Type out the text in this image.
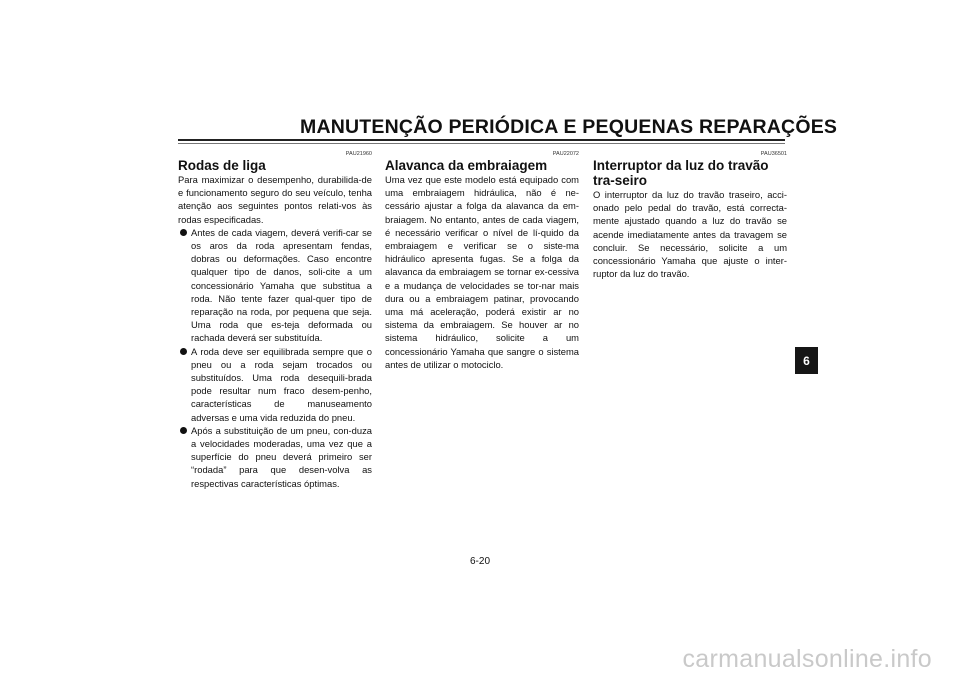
MANUTENÇÃO PERIÓDICA E PEQUENAS REPARAÇÕES
PAU21960
Rodas de liga

Para maximizar o desempenho, durabilida-de e funcionamento seguro do seu veículo, tenha atenção aos seguintes pontos relati-vos às rodas especificadas.

Antes de cada viagem, deverá verifi-car se os aros da roda apresentam fendas, dobras ou deformações. Caso encontre qualquer tipo de danos, soli-cite a um concessionário Yamaha que substitua a roda. Não tente fazer qual-quer tipo de reparação na roda, por pequena que seja. Uma roda que es-teja deformada ou rachada deverá ser substituída.
A roda deve ser equilibrada sempre que o pneu ou a roda sejam trocados ou substituídos. Uma roda desequili-brada pode resultar num fraco desem-penho, características de manuseamento adversas e uma vida reduzida do pneu.
Após a substituição de um pneu, con-duza a velocidades moderadas, uma vez que a superfície do pneu deverá primeiro ser “rodada” para que desen-volva as respectivas características óptimas.
PAU22072
Alavanca da embraiagem

Uma vez que este modelo está equipado com uma embraiagem hidráulica, não é ne-cessário ajustar a folga da alavanca da em-braiagem. No entanto, antes de cada viagem, é necessário verificar o nível de lí-quido da embraiagem e verificar se o siste-ma hidráulico apresenta fugas. Se a folga da alavanca da embraiagem se tornar ex-cessiva e a mudança de velocidades se tor-nar mais dura ou a embraiagem patinar, provocando uma má aceleração, poderá existir ar no sistema da embraiagem. Se houver ar no sistema hidráulico, solicite a um concessionário Yamaha que sangre o sistema antes de utilizar o motociclo.

PAU36501
Interruptor da luz do travão tra-seiro

O interruptor da luz do travão traseiro, acci-onado pelo pedal do travão, está correcta-mente ajustado quando a luz do travão se acende imediatamente antes da travagem se concluir. Se necessário, solicite a um concessionário Yamaha que ajuste o inter-ruptor da luz do travão.

6
6-20
carmanualsonline.info
